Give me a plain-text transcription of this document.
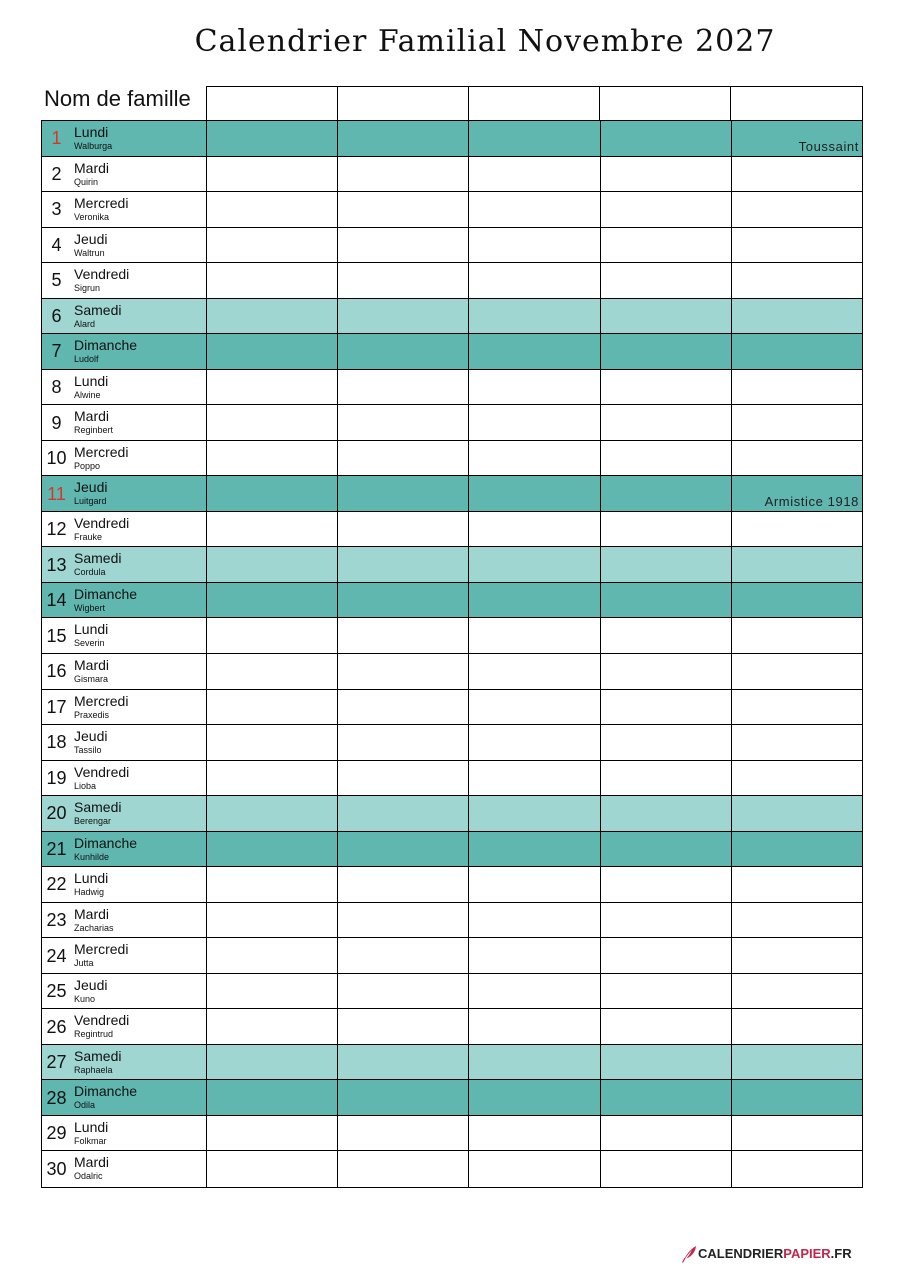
Calendrier Familial Novembre 2027
Nom de famille
1 Lundi
Walburga	Toussaint
2 Mardi
Quirin
3 Mercredi
Veronika
4 Jeudi
Waltrun
5 Vendredi
Sigrun
6 Samedi
Alard
7 Dimanche
Ludolf
8 Lundi
Alwine
9 Mardi
Reginbert
10 Mercredi
Poppo
11 Jeudi
Luitgard	Armistice 1918
12 Vendredi
Frauke
13 Samedi
Cordula
14 Dimanche
Wigbert
15 Lundi
Severin
16 Mardi
Gismara
17 Mercredi
Praxedis
18 Jeudi
Tassilo
19 Vendredi
Lioba
20 Samedi
Berengar
21 Dimanche
Kunhilde
22 Lundi
Hadwig
23 Mardi
Zacharias
24 Mercredi
Jutta
25 Jeudi
Kuno
26 Vendredi
Regintrud
27 Samedi
Raphaela
28 Dimanche
Odila
29 Lundi
Folkmar
30 Mardi
Odalric
CALENDRIERPAPIER.FR
